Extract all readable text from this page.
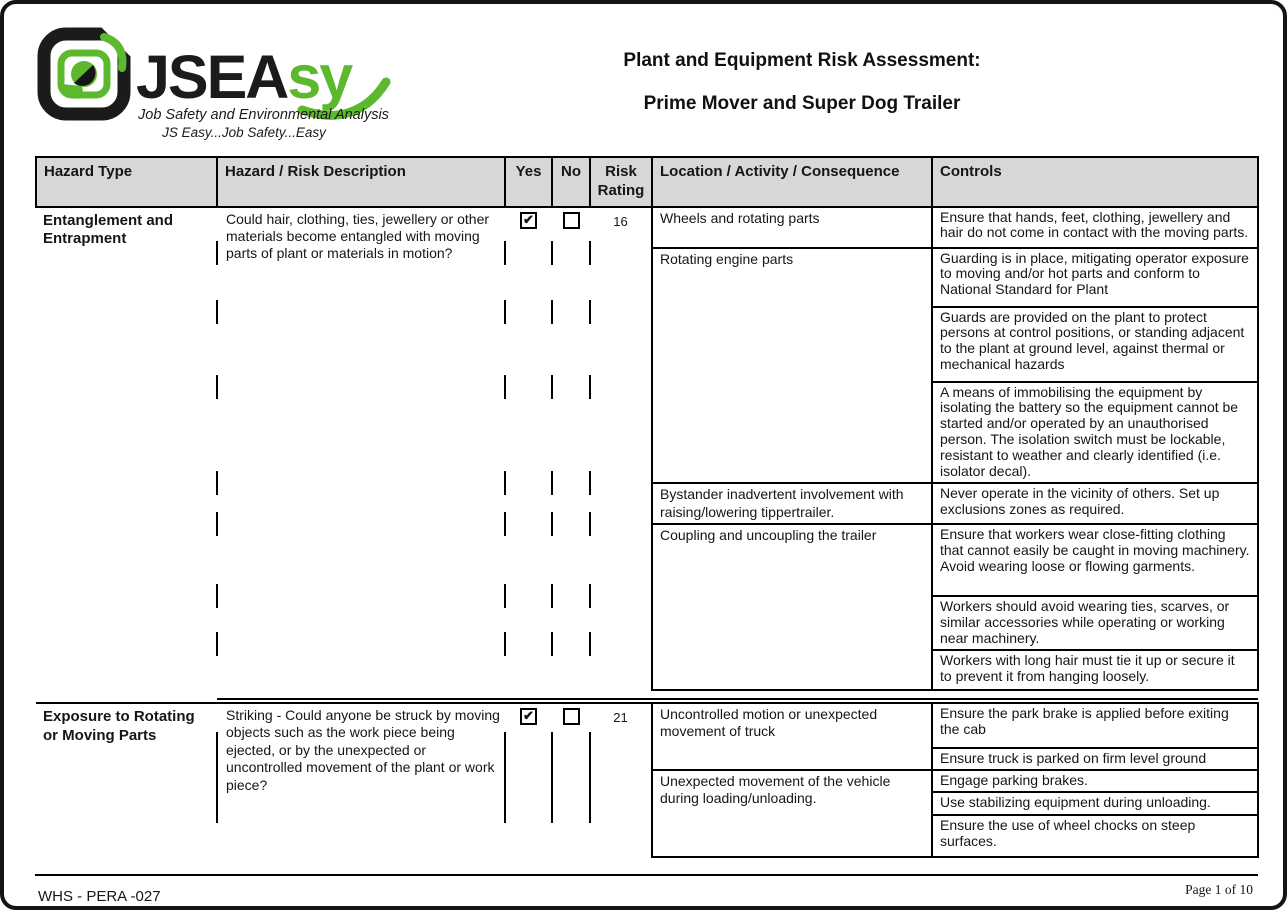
JSEAsy
Job Safety and Environmental Analysis
JS Easy...Job Safety...Easy
Plant and Equipment Risk Assessment:
Prime Mover and Super Dog Trailer
Hazard Type	Hazard / Risk Description	Yes	No	Risk Rating	Location / Activity / Consequence	Controls
Entanglement and Entrapment	Could hair, clothing, ties, jewellery or other materials become entangled with moving parts of plant or materials in motion?	✔		16	Wheels and rotating parts	Ensure that hands, feet, clothing, jewellery and hair do not come in contact with the moving parts.
					Rotating engine parts	Guarding is in place, mitigating operator exposure to moving and/or hot parts and conform to National Standard for Plant
						Guards are provided on the plant to protect persons at control positions, or standing adjacent to the plant at ground level, against thermal or mechanical hazards
						A means of immobilising the equipment by isolating the battery so the equipment cannot be started and/or operated by an unauthorised person. The isolation switch must be lockable, resistant to weather and clearly identified (i.e. isolator decal).
					Bystander inadvertent involvement with raising/lowering tippertrailer.	Never operate in the vicinity of others. Set up exclusions zones as required.
					Coupling and uncoupling the trailer	Ensure that workers wear close-fitting clothing that cannot easily be caught in moving machinery. Avoid wearing loose or flowing garments.
						Workers should avoid wearing ties, scarves, or similar accessories while operating or working near machinery.
						Workers with long hair must tie it up or secure it to prevent it from hanging loosely.

Exposure to Rotating or Moving Parts	Striking - Could anyone be struck by moving objects such as the work piece being ejected, or by the unexpected or uncontrolled movement of the plant or work piece?	✔		21	Uncontrolled motion or unexpected movement of truck	Ensure the park brake is applied before exiting the cab
						Ensure truck is parked on firm level ground
					Unexpected movement of the vehicle during loading/unloading.	Engage parking brakes.
						Use stabilizing equipment during unloading.
						Ensure the use of wheel chocks on steep surfaces.

WHS - PERA -027	Page 1 of 10
